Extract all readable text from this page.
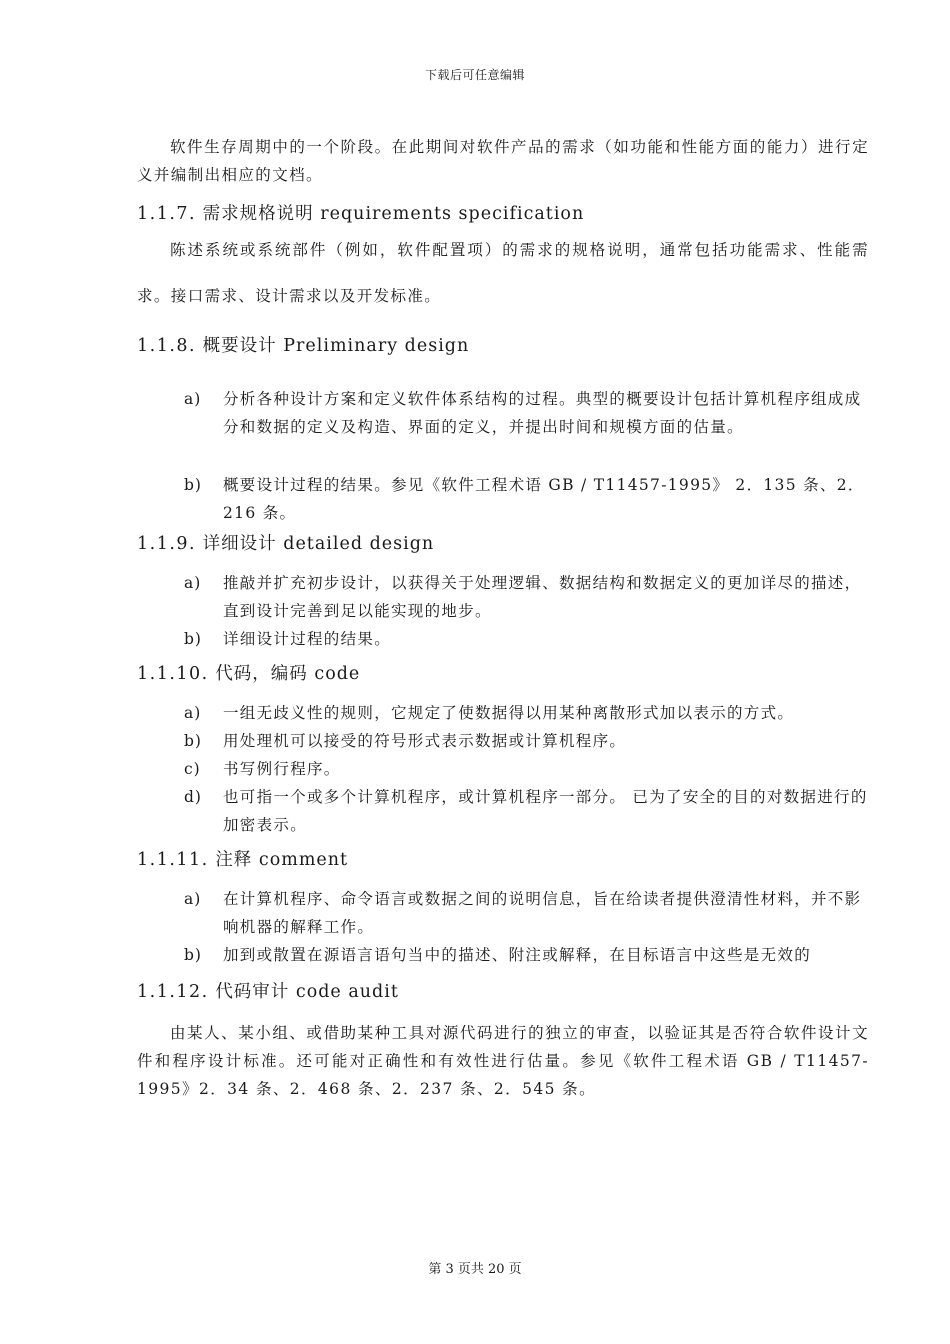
下载后可任意编辑

软件生存周期中的一个阶段。在此期间对软件产品的需求（如功能和性能方面的能力）进行定义并编制出相应的文档。

1.1.7. 需求规格说明 requirements specification

陈述系统或系统部件（例如，软件配置项）的需求的规格说明，通常包括功能需求、性能需求。接口需求、设计需求以及开发标准。

1.1.8. 概要设计 Preliminary design
a) 分析各种设计方案和定义软件体系结构的过程。典型的概要设计包括计算机程序组成成分和数据的定义及构造、界面的定义，并提出时间和规模方面的估量。
b) 概要设计过程的结果。参见《软件工程术语 GB / T11457-1995》 2．135 条、2．216 条。
1.1.9. 详细设计 detailed design
a) 推敲并扩充初步设计，以获得关于处理逻辑、数据结构和数据定义的更加详尽的描述，直到设计完善到足以能实现的地步。
b) 详细设计过程的结果。
1.1.10. 代码，编码 code
a) 一组无歧义性的规则，它规定了使数据得以用某种离散形式加以表示的方式。
b) 用处理机可以接受的符号形式表示数据或计算机程序。
c) 书写例行程序。
d) 也可指一个或多个计算机程序，或计算机程序一部分。 已为了安全的目的对数据进行的加密表示。
1.1.11. 注释 comment
a) 在计算机程序、命令语言或数据之间的说明信息，旨在给读者提供澄清性材料，并不影响机器的解释工作。
b) 加到或散置在源语言语句当中的描述、附注或解释，在目标语言中这些是无效的
1.1.12. 代码审计 code audit

由某人、某小组、或借助某种工具对源代码进行的独立的审查，以验证其是否符合软件设计文件和程序设计标准。还可能对正确性和有效性进行估量。参见《软件工程术语 GB / T11457-1995》2．34 条、2．468 条、2．237 条、2．545 条。

第 3 页共 20 页
